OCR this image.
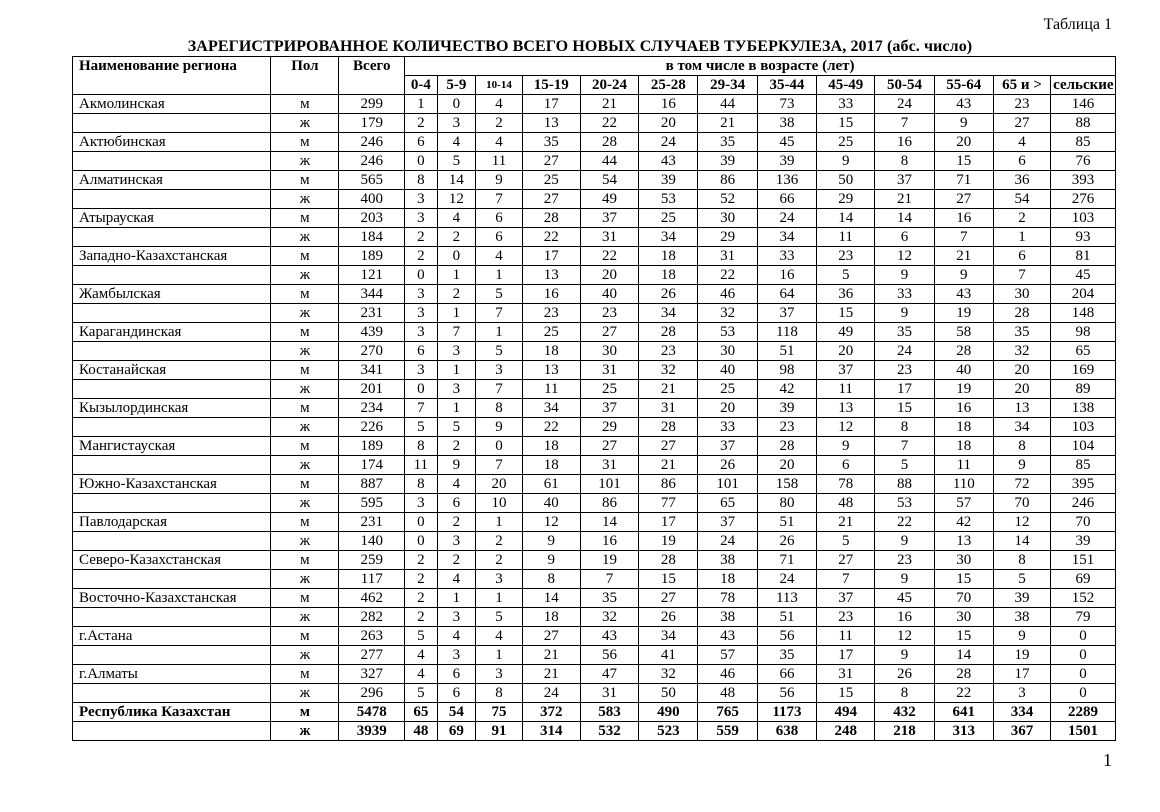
Таблица 1
ЗАРЕГИСТРИРОВАННОЕ КОЛИЧЕСТВО ВСЕГО НОВЫХ СЛУЧАЕВ ТУБЕРКУЛЕЗА, 2017 (абс. число)
Наименование региона	Пол	Всего	в том числе в возрасте (лет)												
			0-4	5-9	10-14	15-19	20-24	25-28	29-34	35-44	45-49	50-54	55-64	65 и >	сельские
Акмолинская	м	299	1	0	4	17	21	16	44	73	33	24	43	23	146
	ж	179	2	3	2	13	22	20	21	38	15	7	9	27	88
Актюбинская	м	246	6	4	4	35	28	24	35	45	25	16	20	4	85
	ж	246	0	5	11	27	44	43	39	39	9	8	15	6	76
Алматинская	м	565	8	14	9	25	54	39	86	136	50	37	71	36	393
	ж	400	3	12	7	27	49	53	52	66	29	21	27	54	276
Атырауская	м	203	3	4	6	28	37	25	30	24	14	14	16	2	103
	ж	184	2	2	6	22	31	34	29	34	11	6	7	1	93
Западно-Казахстанская	м	189	2	0	4	17	22	18	31	33	23	12	21	6	81
	ж	121	0	1	1	13	20	18	22	16	5	9	9	7	45
Жамбылская	м	344	3	2	5	16	40	26	46	64	36	33	43	30	204
	ж	231	3	1	7	23	23	34	32	37	15	9	19	28	148
Карагандинская	м	439	3	7	1	25	27	28	53	118	49	35	58	35	98
	ж	270	6	3	5	18	30	23	30	51	20	24	28	32	65
Костанайская	м	341	3	1	3	13	31	32	40	98	37	23	40	20	169
	ж	201	0	3	7	11	25	21	25	42	11	17	19	20	89
Кызылординская	м	234	7	1	8	34	37	31	20	39	13	15	16	13	138
	ж	226	5	5	9	22	29	28	33	23	12	8	18	34	103
Мангистауская	м	189	8	2	0	18	27	27	37	28	9	7	18	8	104
	ж	174	11	9	7	18	31	21	26	20	6	5	11	9	85
Южно-Казахстанская	м	887	8	4	20	61	101	86	101	158	78	88	110	72	395
	ж	595	3	6	10	40	86	77	65	80	48	53	57	70	246
Павлодарская	м	231	0	2	1	12	14	17	37	51	21	22	42	12	70
	ж	140	0	3	2	9	16	19	24	26	5	9	13	14	39
Северо-Казахстанская	м	259	2	2	2	9	19	28	38	71	27	23	30	8	151
	ж	117	2	4	3	8	7	15	18	24	7	9	15	5	69
Восточно-Казахстанская	м	462	2	1	1	14	35	27	78	113	37	45	70	39	152
	ж	282	2	3	5	18	32	26	38	51	23	16	30	38	79
г.Астана	м	263	5	4	4	27	43	34	43	56	11	12	15	9	0
	ж	277	4	3	1	21	56	41	57	35	17	9	14	19	0
г.Алматы	м	327	4	6	3	21	47	32	46	66	31	26	28	17	0
	ж	296	5	6	8	24	31	50	48	56	15	8	22	3	0
Республика Казахстан	м	5478	65	54	75	372	583	490	765	1173	494	432	641	334	2289
	ж	3939	48	69	91	314	532	523	559	638	248	218	313	367	1501
1
